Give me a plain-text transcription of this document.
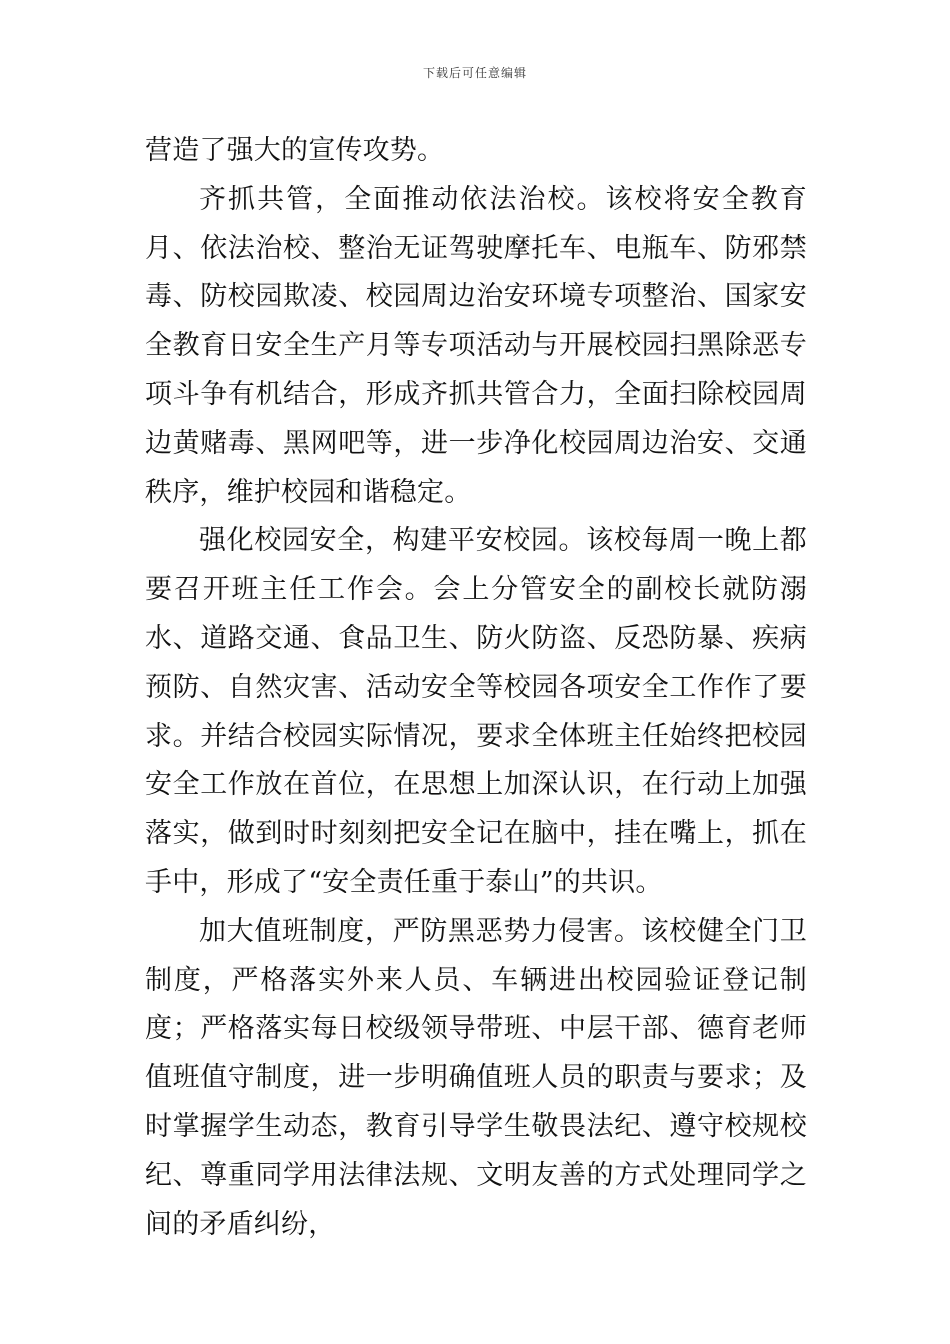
下载后可任意编辑

营造了强大的宣传攻势。

齐抓共管，全面推动依法治校。该校将安全教育月、依法治校、整治无证驾驶摩托车、电瓶车、防邪禁毒、防校园欺凌、校园周边治安环境专项整治、国家安全教育日安全生产月等专项活动与开展校园扫黑除恶专项斗争有机结合，形成齐抓共管合力，全面扫除校园周边黄赌毒、黑网吧等，进一步净化校园周边治安、交通秩序，维护校园和谐稳定。

强化校园安全，构建平安校园。该校每周一晚上都要召开班主任工作会。会上分管安全的副校长就防溺水、道路交通、食品卫生、防火防盗、反恐防暴、疾病预防、自然灾害、活动安全等校园各项安全工作作了要求。并结合校园实际情况，要求全体班主任始终把校园安全工作放在首位，在思想上加深认识，在行动上加强落实，做到时时刻刻把安全记在脑中，挂在嘴上，抓在手中，形成了“安全责任重于泰山”的共识。

加大值班制度，严防黑恶势力侵害。该校健全门卫制度，严格落实外来人员、车辆进出校园验证登记制度；严格落实每日校级领导带班、中层干部、德育老师值班值守制度，进一步明确值班人员的职责与要求；及时掌握学生动态，教育引导学生敬畏法纪、遵守校规校纪、尊重同学用法律法规、文明友善的方式处理同学之间的矛盾纠纷，
